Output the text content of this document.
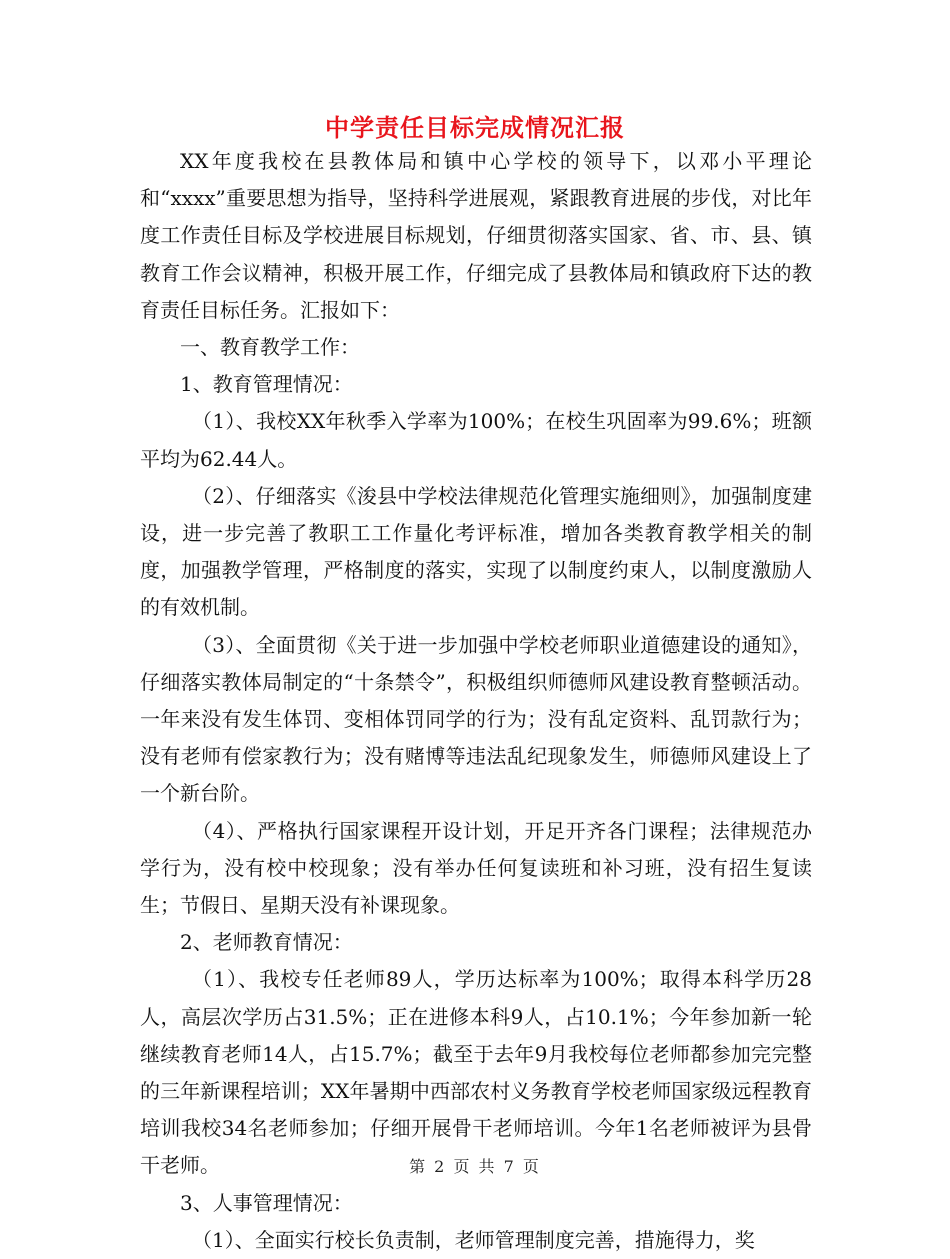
中学责任目标完成情况汇报

XX年度我校在县教体局和镇中心学校的领导下，以邓小平理论和“xxxx”重要思想为指导，坚持科学进展观，紧跟教育进展的步伐，对比年度工作责任目标及学校进展目标规划，仔细贯彻落实国家、省、市、县、镇教育工作会议精神，积极开展工作，仔细完成了县教体局和镇政府下达的教育责任目标任务。汇报如下：

一、教育教学工作：

1、教育管理情况：

（1）、我校XX年秋季入学率为100%；在校生巩固率为99.6%；班额平均为62.44人。

（2）、仔细落实《浚县中学校法律规范化管理实施细则》，加强制度建设，进一步完善了教职工工作量化考评标准，增加各类教育教学相关的制度，加强教学管理，严格制度的落实，实现了以制度约束人，以制度激励人的有效机制。

（3）、全面贯彻《关于进一步加强中学校老师职业道德建设的通知》，仔细落实教体局制定的“十条禁令”，积极组织师德师风建设教育整顿活动。一年来没有发生体罚、变相体罚同学的行为；没有乱定资料、乱罚款行为；没有老师有偿家教行为；没有赌博等违法乱纪现象发生，师德师风建设上了一个新台阶。

（4）、严格执行国家课程开设计划，开足开齐各门课程；法律规范办学行为，没有校中校现象；没有举办任何复读班和补习班，没有招生复读生；节假日、星期天没有补课现象。

2、老师教育情况：

（1）、我校专任老师89人，学历达标率为100%；取得本科学历28人，高层次学历占31.5%；正在进修本科9人，占10.1%；今年参加新一轮继续教育老师14人，占15.7%；截至于去年9月我校每位老师都参加完完整的三年新课程培训；XX年暑期中西部农村义务教育学校老师国家级远程教育培训我校34名老师参加；仔细开展骨干老师培训。今年1名老师被评为县骨干老师。

3、人事管理情况：

（1）、全面实行校长负责制，老师管理制度完善，措施得力，奖

第 2 页 共 7 页
